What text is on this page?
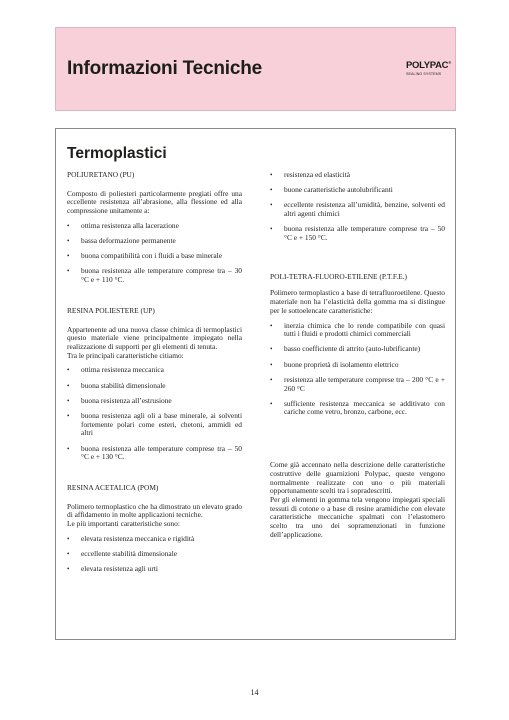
Informazioni Tecniche	POLYPAC®
SEALING SYSTEMS
Termoplastici

POLIURETANO (PU)

Composto di poliesteri particolarmente pregiati offre una eccellente resistenza all’abrasione, alla flessione ed alla compressione unitamente a:

• ottima resistenza alla lacerazione
• bassa deformazione permanente
• buona compatibilità con i fluidi a base minerale
• buona resistenza alle temperature comprese tra – 30 °C e + 110 °C.

RESINA POLIESTERE (UP)

Appartenente ad una nuova classe chimica di termoplastici questo materiale viene principalmente impiegato nella realizzazione di supporti per gli elementi di tenuta.

Tra le principali caratteristiche citiamo:

• ottima resistenza meccanica
• buona stabilità dimensionale
• buona resistenza all’estrusione
• buona resistenza agli oli a base minerale, ai solventi fortemente polari come esteri, chetoni, ammidi ed altri
• buona resistenza alle temperature comprese tra – 50 °C e + 130 °C.

RESINA ACETALICA (POM)

Polimero termoplastico che ha dimostrato un elevato grado di affidamento in molte applicazioni tecniche.

Le più importanti caratteristiche sono:

• elevata resistenza meccanica e rigidità
• eccellente stabilità dimensionale
• elevata resistenza agli urti
• resistenza ed elasticità
• buone caratteristiche autolubrificanti
• eccellente resistenza all’umidità, benzine, solventi ed altri agenti chimici
• buona resistenza alle temperature comprese tra – 50 °C e + 150 °C.

POLI-TETRA-FLUORO-ETILENE (P.T.F.E.)

Polimero termoplastico a base di tetrafluoroetilene. Questo materiale non ha l’elasticità della gomma ma si distingue per le sottoelencate caratteristiche:

• inerzia chimica che lo rende compatibile con quasi tutti i fluidi e prodotti chimici commerciali
• basso coefficiente di attrito (auto-lubrificante)
• buone proprietà di isolamento elettrico
• resistenza alle temperature comprese tra – 200 °C e + 260 °C
• sufficiente resistenza meccanica se additivato con cariche come vetro, bronzo, carbone, ecc.

Come già accennato nella descrizione delle caratteristiche costruttive delle guarnizioni Polypac, queste vengono normalmente realizzate con uno o più materiali opportunamente scelti tra i sopradescritti.

Per gli elementi in gomma tela vengono impiegati speciali tessuti di cotone o a base di resine aramidiche con elevate caratteristiche meccaniche spalmati con l’elastomero scelto tra uno dei sopramenzionati in funzione dell’applicazione.

14
